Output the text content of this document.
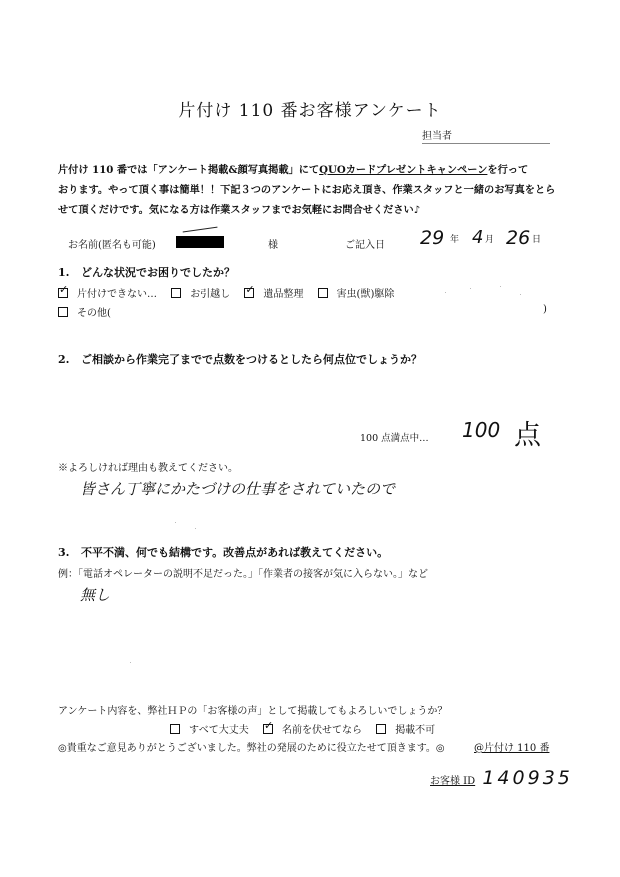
片付け 110 番お客様アンケート
担当者
片付け 110 番では「アンケート掲載&顔写真掲載」にてQUOカードプレゼントキャンペーンを行って
おります。やって頂く事は簡単！！下記３つのアンケートにお応え頂き、作業スタッフと一緒のお写真をとら
せて頂くだけです。気になる方は作業スタッフまでお気軽にお問合せください♪
お名前(匿名も可能)	様	ご記入日 29 年 4 月 26 日
1. どんな状況でお困りでしたか？
✓片付けできない…	お引越し ✓	遺品整理	害虫(獣)駆除
その他(	)
2. ご相談から作業完了までで点数をつけるとしたら何点位でしょうか？
100 点満点中… 100 点
※よろしければ理由も教えてください。
皆さん丁寧にかたづけの仕事をされていたので
3. 不平不満、何でも結構です。改善点があれば教えてください。
例：「電話オペレーターの説明不足だった。」「作業者の接客が気に入らない。」など
無し
アンケート内容を、弊社ＨＰの「お客様の声」として掲載してもよろしいでしょうか？
すべて大丈夫 ✓	名前を伏せてなら	掲載不可
◎貴重なご意見ありがとうございました。弊社の発展のために役立たせて頂きます。◎	@片付け 110 番
お客様 ID 140935
